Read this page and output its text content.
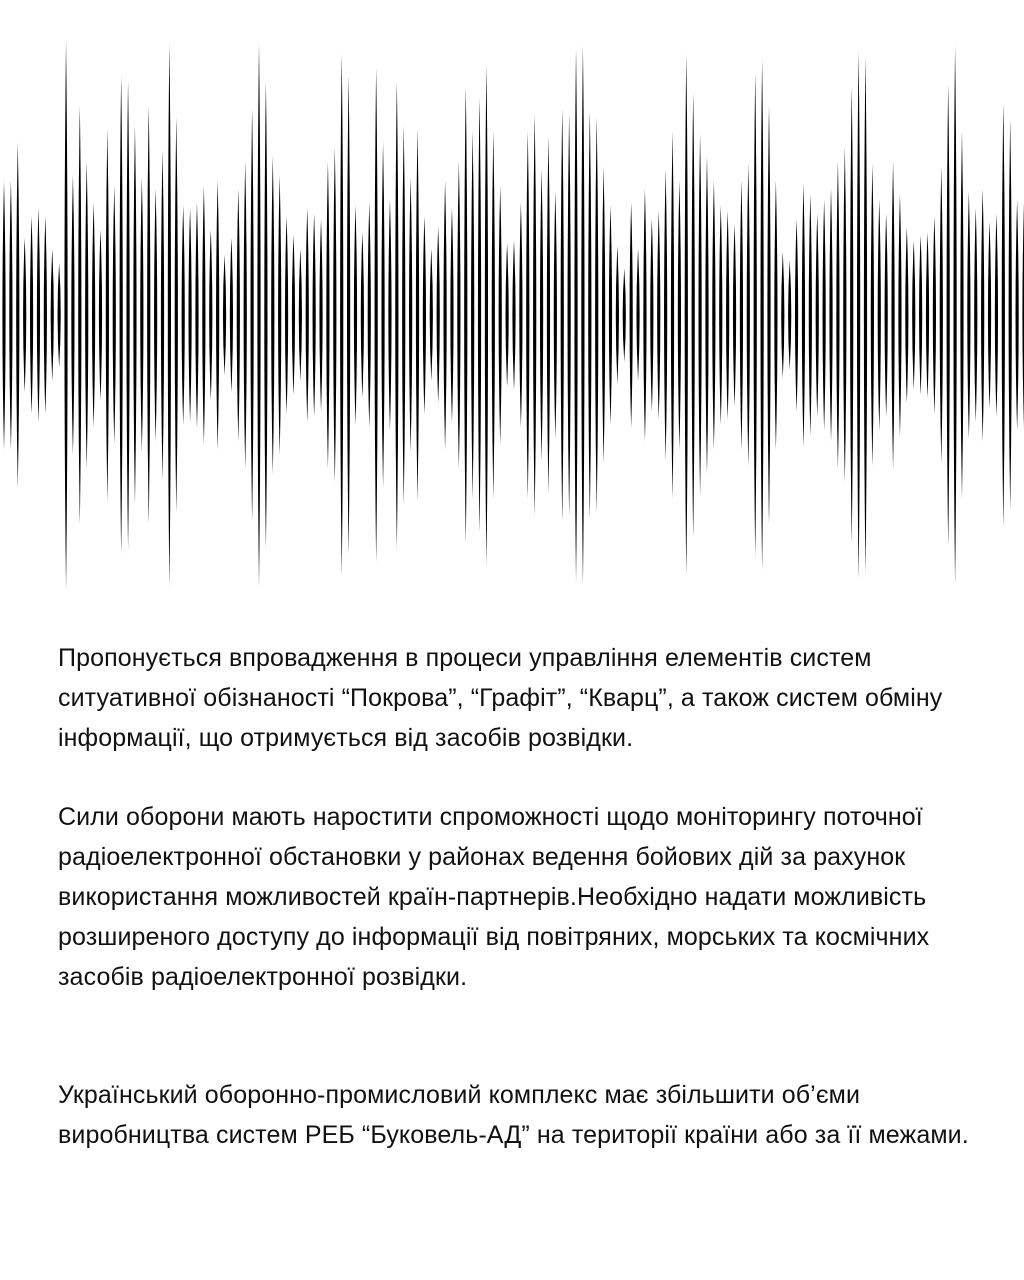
Пропонується впровадження в процеси управління елементів систем ситуативної обізнаності “Покрова”, “Графіт”, “Кварц”, а також систем обміну інформації, що отримується від засобів розвідки.

Сили оборони мають наростити спроможності щодо моніторингу поточної радіоелектронної обстановки у районах ведення бойових дій за рахунок використання можливостей країн-партнерів.Необхідно надати можливість розширеного доступу до інформації від повітряних, морських та космічних засобів радіоелектронної розвідки.

Український оборонно-промисловий комплекс має збільшити об’єми виробництва систем РЕБ “Буковель-АД” на території країни або за її межами.
